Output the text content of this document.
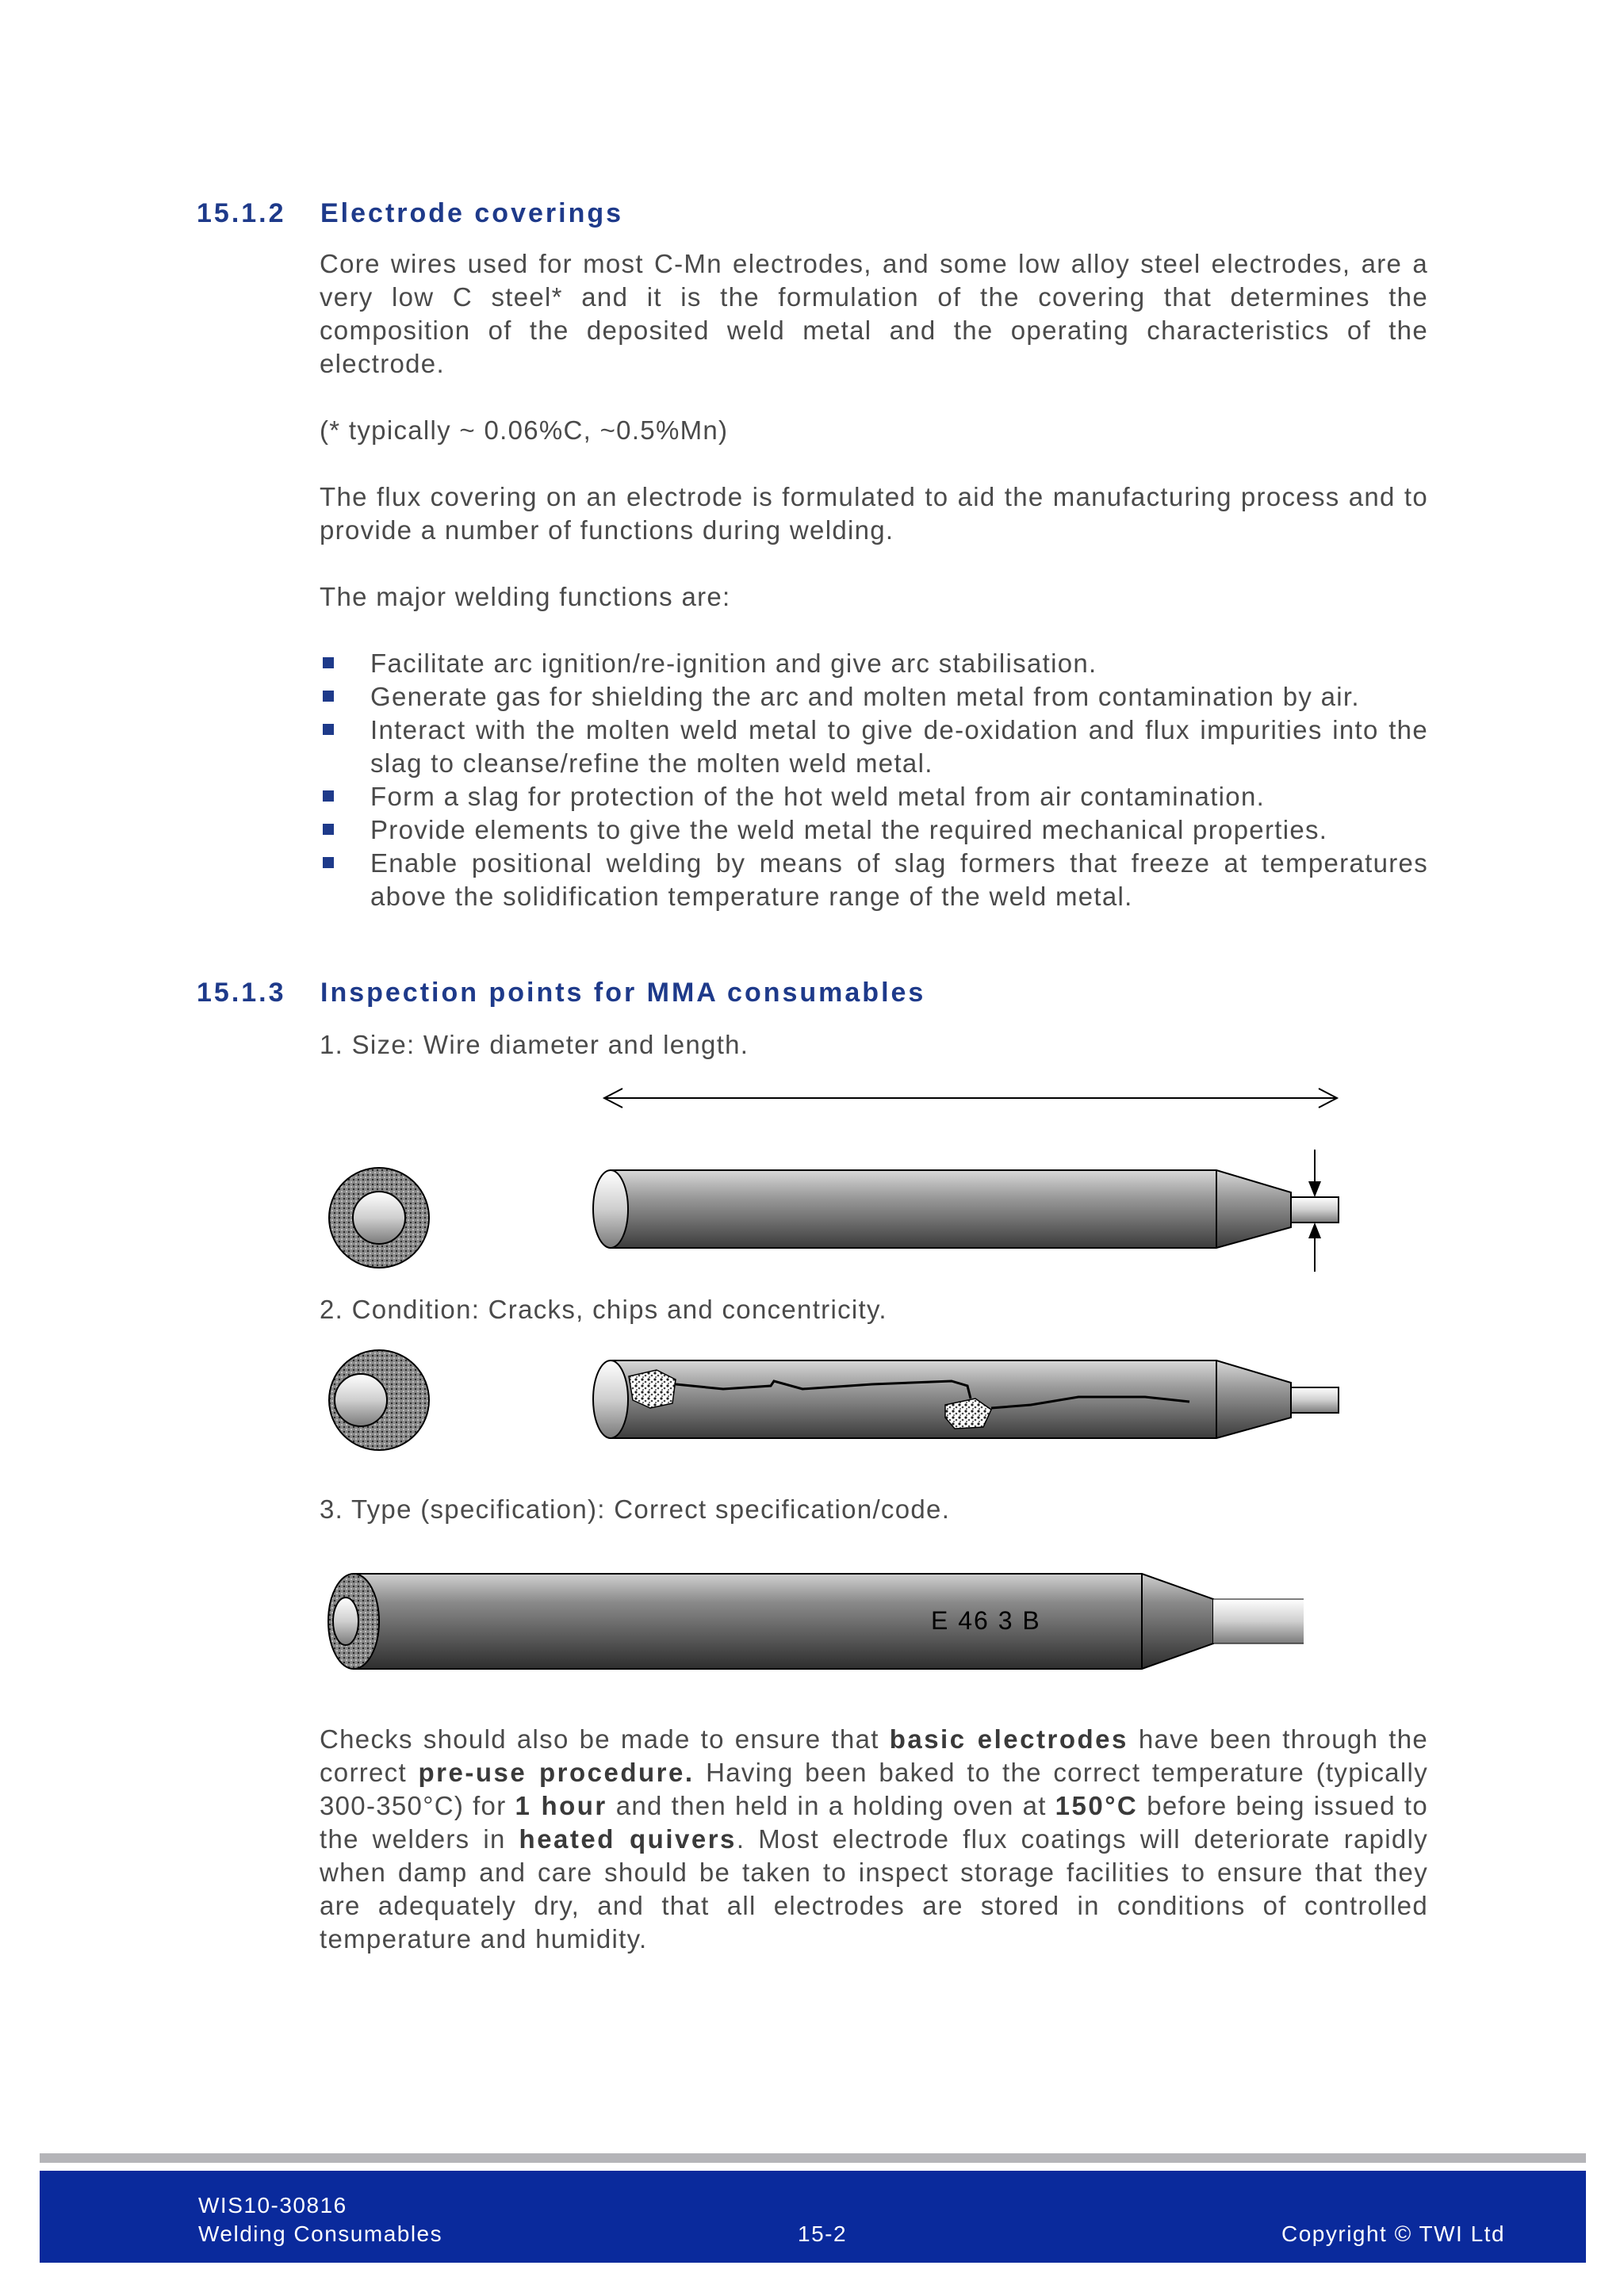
15.1.2 Electrode coverings

Core wires used for most C-Mn electrodes, and some low alloy steel electrodes, are a very low C steel* and it is the formulation of the covering that determines the composition of the deposited weld metal and the operating characteristics of the electrode.

(* typically ~ 0.06%C, ~0.5%Mn)

The flux covering on an electrode is formulated to aid the manufacturing process and to provide a number of functions during welding.

The major welding functions are:

Facilitate arc ignition/re-ignition and give arc stabilisation.
Generate gas for shielding the arc and molten metal from contamination by air.
Interact with the molten weld metal to give de-oxidation and flux impurities into the slag to cleanse/refine the molten weld metal.
Form a slag for protection of the hot weld metal from air contamination.
Provide elements to give the weld metal the required mechanical properties.
Enable positional welding by means of slag formers that freeze at temperatures above the solidification temperature range of the weld metal.
15.1.3 Inspection points for MMA consumables

1. Size: Wire diameter and length.

2. Condition: Cracks, chips and concentricity.

3. Type (specification): Correct specification/code.

E 46 3 B

Checks should also be made to ensure that basic electrodes have been through the correct pre-use procedure. Having been baked to the correct temperature (typically 300-350°C) for 1 hour and then held in a holding oven at 150°C before being issued to the welders in heated quivers. Most electrode flux coatings will deteriorate rapidly when damp and care should be taken to inspect storage facilities to ensure that they are adequately dry, and that all electrodes are stored in conditions of controlled temperature and humidity.

WIS10-30816
Welding Consumables	15-2	Copyright © TWI Ltd
